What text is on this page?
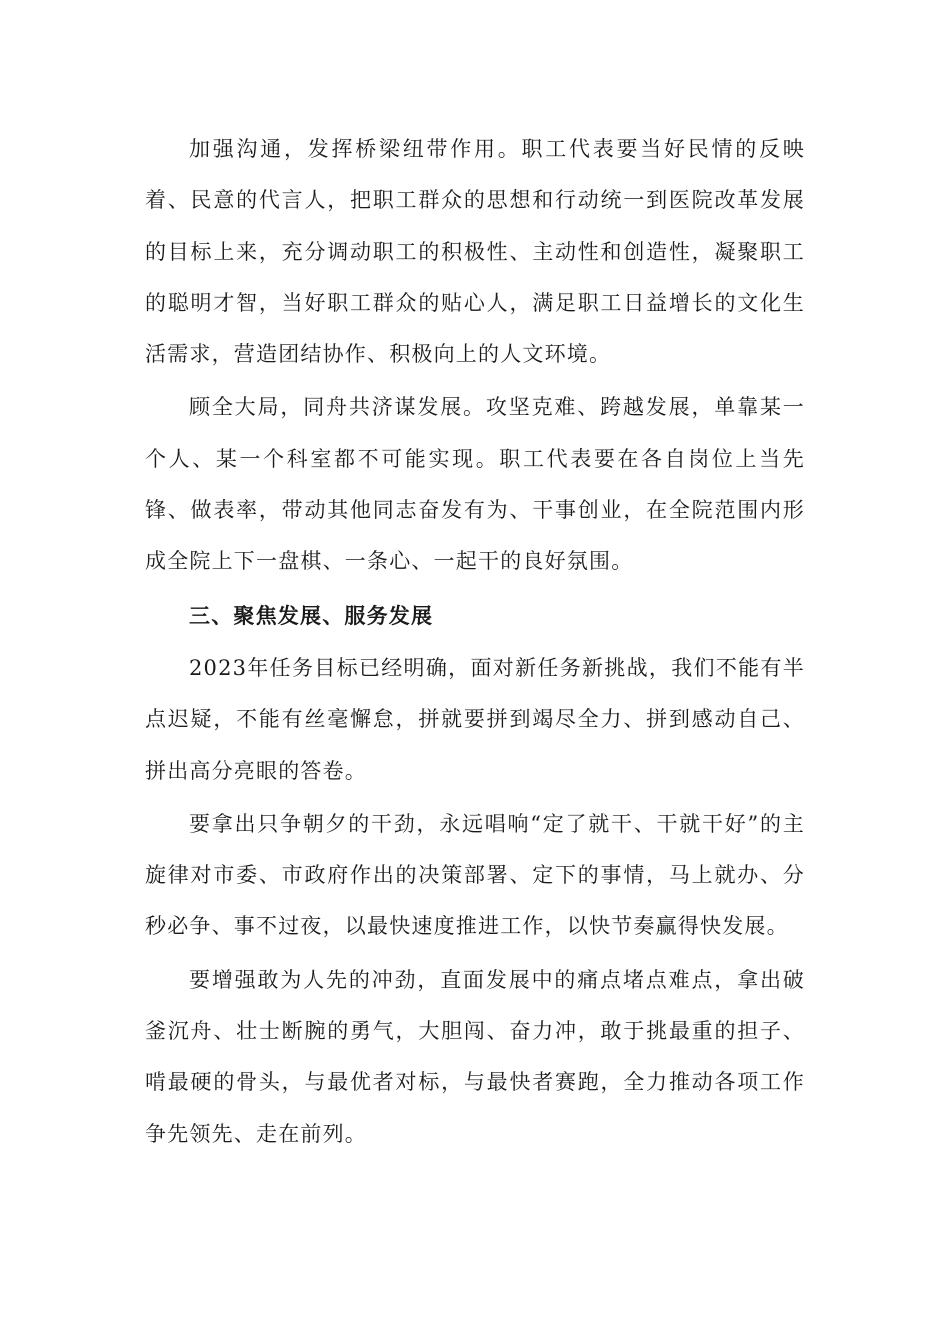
加强沟通，发挥桥梁纽带作用。职工代表要当好民情的反映着、民意的代言人，把职工群众的思想和行动统一到医院改革发展的目标上来，充分调动职工的积极性、主动性和创造性，凝聚职工的聪明才智，当好职工群众的贴心人，满足职工日益增长的文化生活需求，营造团结协作、积极向上的人文环境。

顾全大局，同舟共济谋发展。攻坚克难、跨越发展，单靠某一个人、某一个科室都不可能实现。职工代表要在各自岗位上当先锋、做表率，带动其他同志奋发有为、干事创业，在全院范围内形成全院上下一盘棋、一条心、一起干的良好氛围。

三、聚焦发展、服务发展

2023年任务目标已经明确，面对新任务新挑战，我们不能有半点迟疑，不能有丝毫懈怠，拼就要拼到竭尽全力、拼到感动自己、拼出高分亮眼的答卷。

要拿出只争朝夕的干劲，永远唱响“定了就干、干就干好”的主旋律对市委、市政府作出的决策部署、定下的事情，马上就办、分秒必争、事不过夜，以最快速度推进工作，以快节奏赢得快发展。

要增强敢为人先的冲劲，直面发展中的痛点堵点难点，拿出破釜沉舟、壮士断腕的勇气，大胆闯、奋力冲，敢于挑最重的担子、啃最硬的骨头，与最优者对标，与最快者赛跑，全力推动各项工作争先领先、走在前列。
